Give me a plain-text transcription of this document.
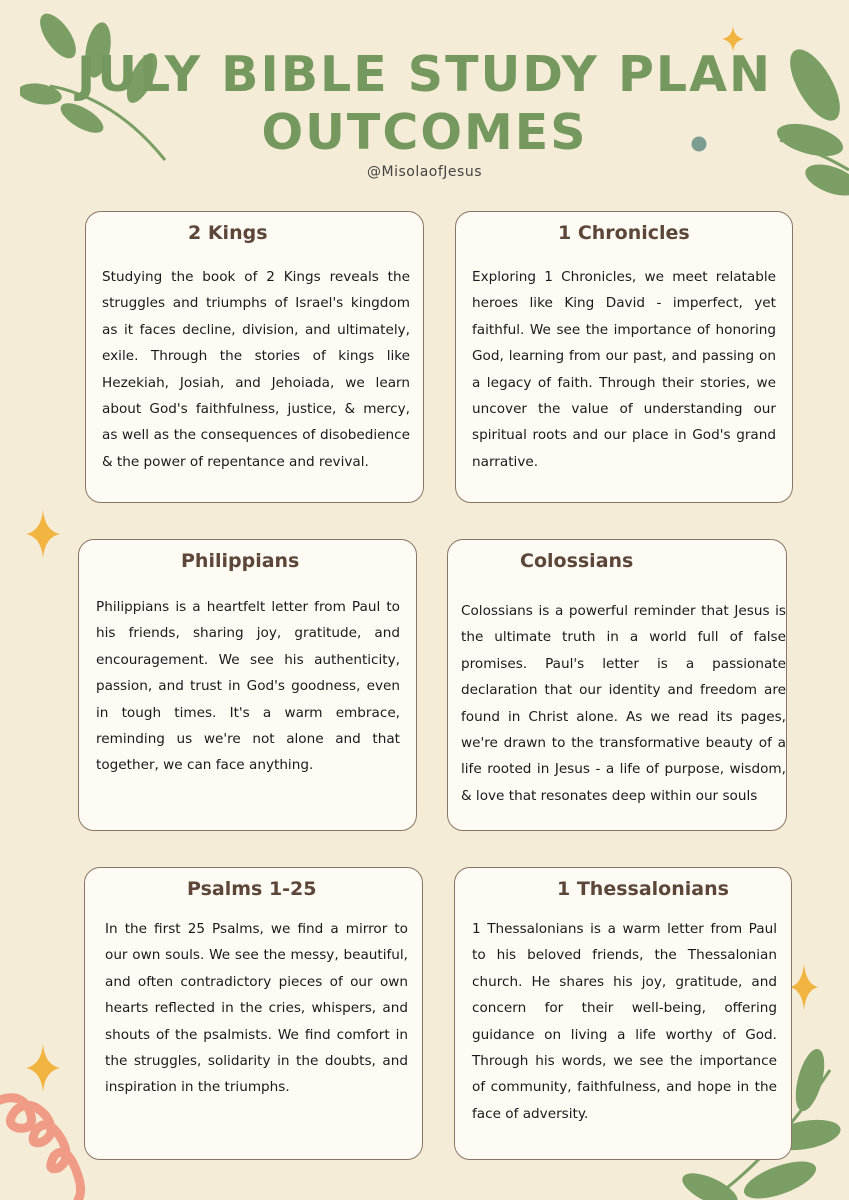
JULY BIBLE STUDY PLAN
OUTCOMES
@MisolaofJesus
2 Kings

Studying the book of 2 Kings reveals the struggles and triumphs of Israel's kingdom as it faces decline, division, and ultimately, exile. Through the stories of kings like Hezekiah, Josiah, and Jehoiada, we learn about God's faithfulness, justice, & mercy, as well as the consequences of disobedience & the power of repentance and revival.

1 Chronicles

Exploring 1 Chronicles, we meet relatable heroes like King David - imperfect, yet faithful. We see the importance of honoring God, learning from our past, and passing on a legacy of faith. Through their stories, we uncover the value of understanding our spiritual roots and our place in God's grand narrative.

Philippians

Philippians is a heartfelt letter from Paul to his friends, sharing joy, gratitude, and encouragement. We see his authenticity, passion, and trust in God's goodness, even in tough times. It's a warm embrace, reminding us we're not alone and that together, we can face anything.

Colossians

Colossians is a powerful reminder that Jesus is the ultimate truth in a world full of false promises. Paul's letter is a passionate declaration that our identity and freedom are found in Christ alone. As we read its pages, we're drawn to the transformative beauty of a life rooted in Jesus - a life of purpose, wisdom, & love that resonates deep within our souls

Psalms 1-25

In the first 25 Psalms, we find a mirror to our own souls. We see the messy, beautiful, and often contradictory pieces of our own hearts reflected in the cries, whispers, and shouts of the psalmists. We find comfort in the struggles, solidarity in the doubts, and inspiration in the triumphs.

1 Thessalonians

1 Thessalonians is a warm letter from Paul to his beloved friends, the Thessalonian church. He shares his joy, gratitude, and concern for their well-being, offering guidance on living a life worthy of God. Through his words, we see the importance of community, faithfulness, and hope in the face of adversity.
